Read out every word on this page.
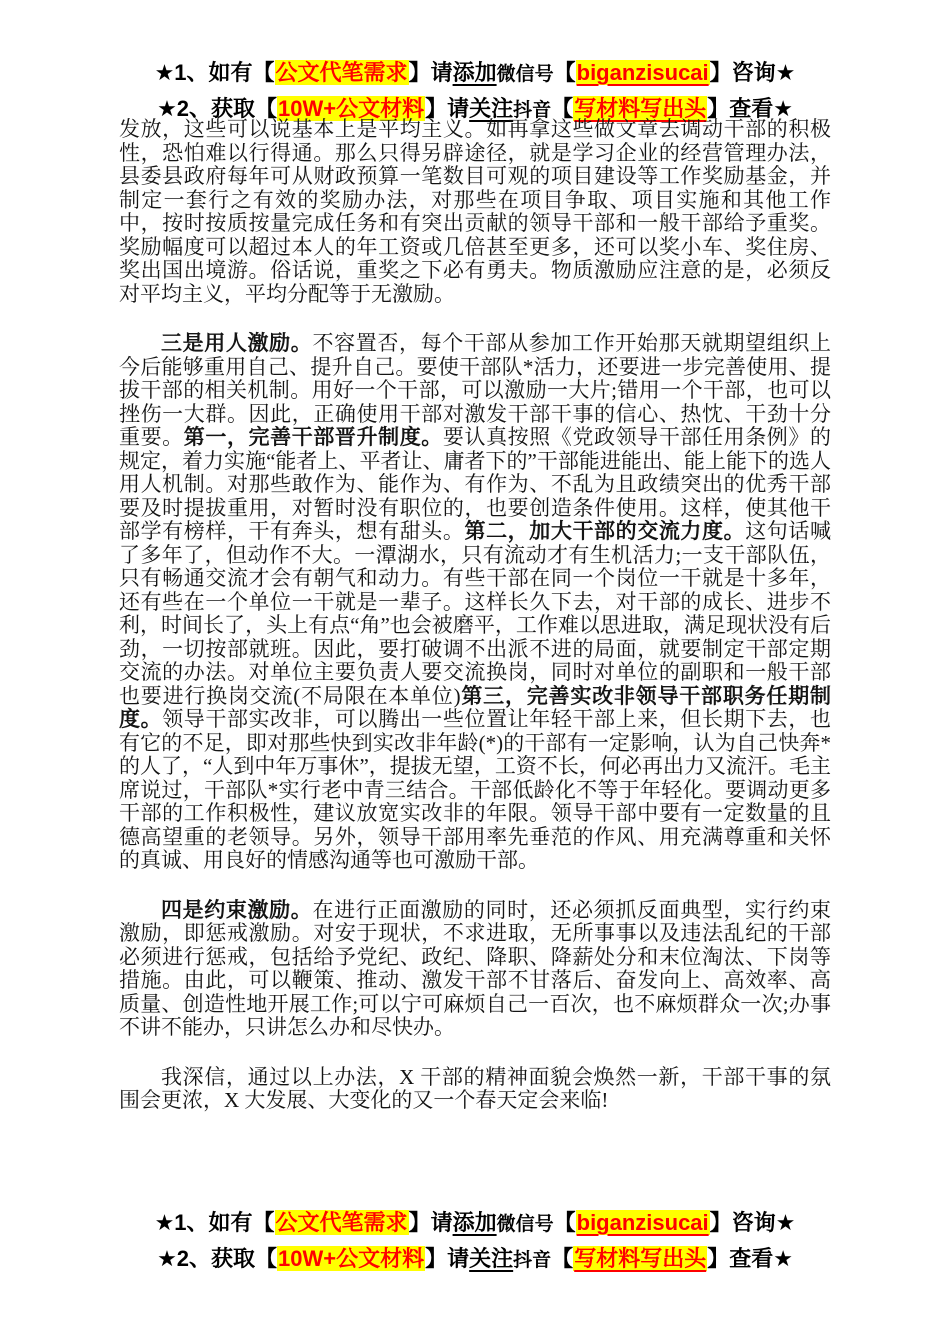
★1、如有【公文代笔需求】请添加微信号【biganzisucai】咨询★
★2、获取【10W+公文材料】请关注抖音【写材料写出头】查看★

发放，这些可以说基本上是平均主义。如再拿这些做文章去调动干部的积极性，恐怕难以行得通。那么只得另辟途径，就是学习企业的经营管理办法，县委县政府每年可从财政预算一笔数目可观的项目建设等工作奖励基金，并制定一套行之有效的奖励办法，对那些在项目争取、项目实施和其他工作中，按时按质按量完成任务和有突出贡献的领导干部和一般干部给予重奖。奖励幅度可以超过本人的年工资或几倍甚至更多，还可以奖小车、奖住房、奖出国出境游。俗话说，重奖之下必有勇夫。物质激励应注意的是，必须反对平均主义，平均分配等于无激励。

三是用人激励。不容置否，每个干部从参加工作开始那天就期望组织上今后能够重用自己、提升自己。要使干部队*活力，还要进一步完善使用、提拔干部的相关机制。用好一个干部，可以激励一大片;错用一个干部，也可以挫伤一大群。因此，正确使用干部对激发干部干事的信心、热忱、干劲十分重要。第一，完善干部晋升制度。要认真按照《党政领导干部任用条例》的规定，着力实施“能者上、平者让、庸者下的”干部能进能出、能上能下的选人用人机制。对那些敢作为、能作为、有作为、不乱为且政绩突出的优秀干部要及时提拔重用，对暂时没有职位的，也要创造条件使用。这样，使其他干部学有榜样，干有奔头，想有甜头。第二，加大干部的交流力度。这句话喊了多年了，但动作不大。一潭湖水，只有流动才有生机活力;一支干部队伍，只有畅通交流才会有朝气和动力。有些干部在同一个岗位一干就是十多年，还有些在一个单位一干就是一辈子。这样长久下去，对干部的成长、进步不利，时间长了，头上有点“角”也会被磨平，工作难以思进取，满足现状没有后劲，一切按部就班。因此，要打破调不出派不进的局面，就要制定干部定期交流的办法。对单位主要负责人要交流换岗，同时对单位的副职和一般干部也要进行换岗交流(不局限在本单位)第三，完善实改非领导干部职务任期制度。领导干部实改非，可以腾出一些位置让年轻干部上来，但长期下去，也有它的不足，即对那些快到实改非年龄(*)的干部有一定影响，认为自己快奔*的人了，“人到中年万事休”，提拔无望，工资不长，何必再出力又流汗。毛主席说过，干部队*实行老中青三结合。干部低龄化不等于年轻化。要调动更多干部的工作积极性，建议放宽实改非的年限。领导干部中要有一定数量的且德高望重的老领导。另外，领导干部用率先垂范的作风、用充满尊重和关怀的真诚、用良好的情感沟通等也可激励干部。

四是约束激励。在进行正面激励的同时，还必须抓反面典型，实行约束激励，即惩戒激励。对安于现状，不求进取，无所事事以及违法乱纪的干部必须进行惩戒，包括给予党纪、政纪、降职、降薪处分和末位淘汰、下岗等措施。由此，可以鞭策、推动、激发干部不甘落后、奋发向上、高效率、高质量、创造性地开展工作;可以宁可麻烦自己一百次，也不麻烦群众一次;办事不讲不能办，只讲怎么办和尽快办。

我深信，通过以上办法，X 干部的精神面貌会焕然一新，干部干事的氛围会更浓，X 大发展、大变化的又一个春天定会来临!

★1、如有【公文代笔需求】请添加微信号【biganzisucai】咨询★
★2、获取【10W+公文材料】请关注抖音【写材料写出头】查看★
